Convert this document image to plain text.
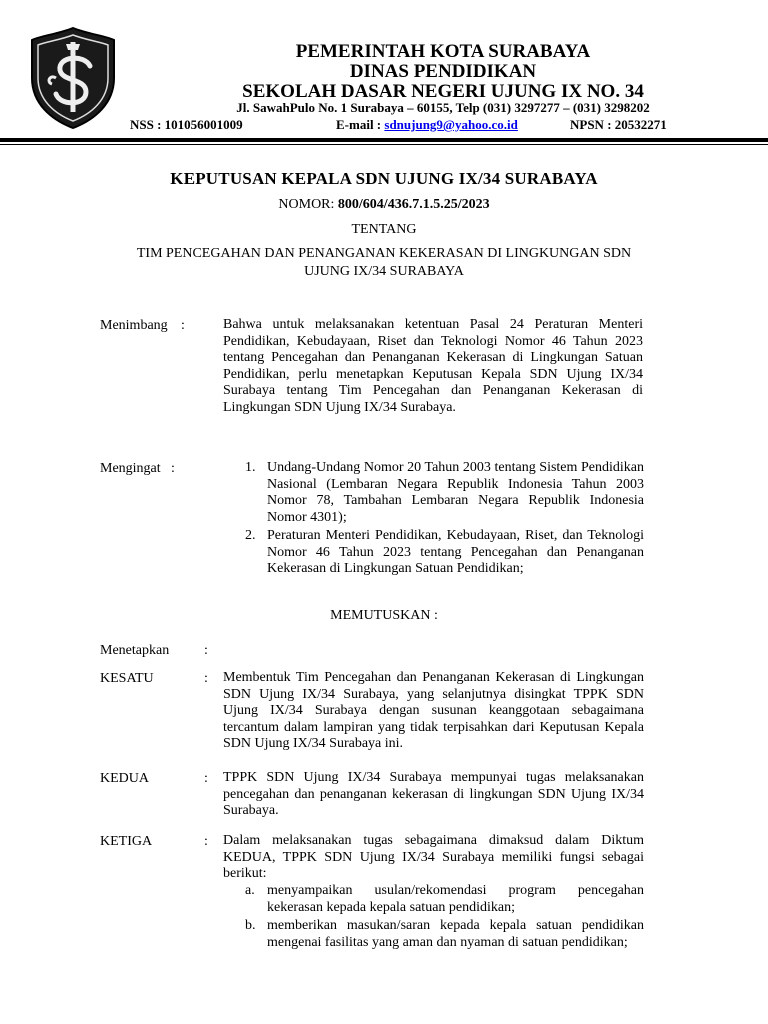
PEMERINTAH KOTA SURABAYA
DINAS PENDIDIKAN
SEKOLAH DASAR NEGERI UJUNG IX NO. 34
Jl. SawahPulo No. 1 Surabaya – 60155, Telp (031) 3297277 – (031) 3298202
NSS : 101056001009	E-mail : sdnujung9@yahoo.co.id	NPSN : 20532271
KEPUTUSAN KEPALA SDN UJUNG IX/34 SURABAYA
NOMOR: 800/604/436.7.1.5.25/2023
TENTANG
TIM PENCEGAHAN DAN PENANGANAN KEKERASAN DI LINGKUNGAN SDN
UJUNG IX/34 SURABAYA
Menimbang :	Bahwa untuk melaksanakan ketentuan Pasal 24 Peraturan Menteri Pendidikan, Kebudayaan, Riset dan Teknologi Nomor 46 Tahun 2023 tentang Pencegahan dan Penanganan Kekerasan di Lingkungan Satuan Pendidikan, perlu menetapkan Keputusan Kepala SDN Ujung IX/34 Surabaya tentang Tim Pencegahan dan Penanganan Kekerasan di Lingkungan SDN Ujung IX/34 Surabaya.
Mengingat :	1. Undang-Undang Nomor 20 Tahun 2003 tentang Sistem Pendidikan Nasional (Lembaran Negara Republik Indonesia Tahun 2003 Nomor 78, Tambahan Lembaran Negara Republik Indonesia Nomor 4301);
2. Peraturan Menteri Pendidikan, Kebudayaan, Riset, dan Teknologi Nomor 46 Tahun 2023 tentang Pencegahan dan Penanganan Kekerasan di Lingkungan Satuan Pendidikan;
MEMUTUSKAN :
Menetapkan :
KESATU	: Membentuk Tim Pencegahan dan Penanganan Kekerasan di Lingkungan SDN Ujung IX/34 Surabaya, yang selanjutnya disingkat TPPK SDN Ujung IX/34 Surabaya dengan susunan keanggotaan sebagaimana tercantum dalam lampiran yang tidak terpisahkan dari Keputusan Kepala SDN Ujung IX/34 Surabaya ini.
KEDUA	: TPPK SDN Ujung IX/34 Surabaya mempunyai tugas melaksanakan pencegahan dan penanganan kekerasan di lingkungan SDN Ujung IX/34 Surabaya.
KETIGA	: Dalam melaksanakan tugas sebagaimana dimaksud dalam Diktum KEDUA, TPPK SDN Ujung IX/34 Surabaya memiliki fungsi sebagai berikut:
a. menyampaikan usulan/rekomendasi program pencegahan kekerasan kepada kepala satuan pendidikan;
b. memberikan masukan/saran kepada kepala satuan pendidikan mengenai fasilitas yang aman dan nyaman di satuan pendidikan;
